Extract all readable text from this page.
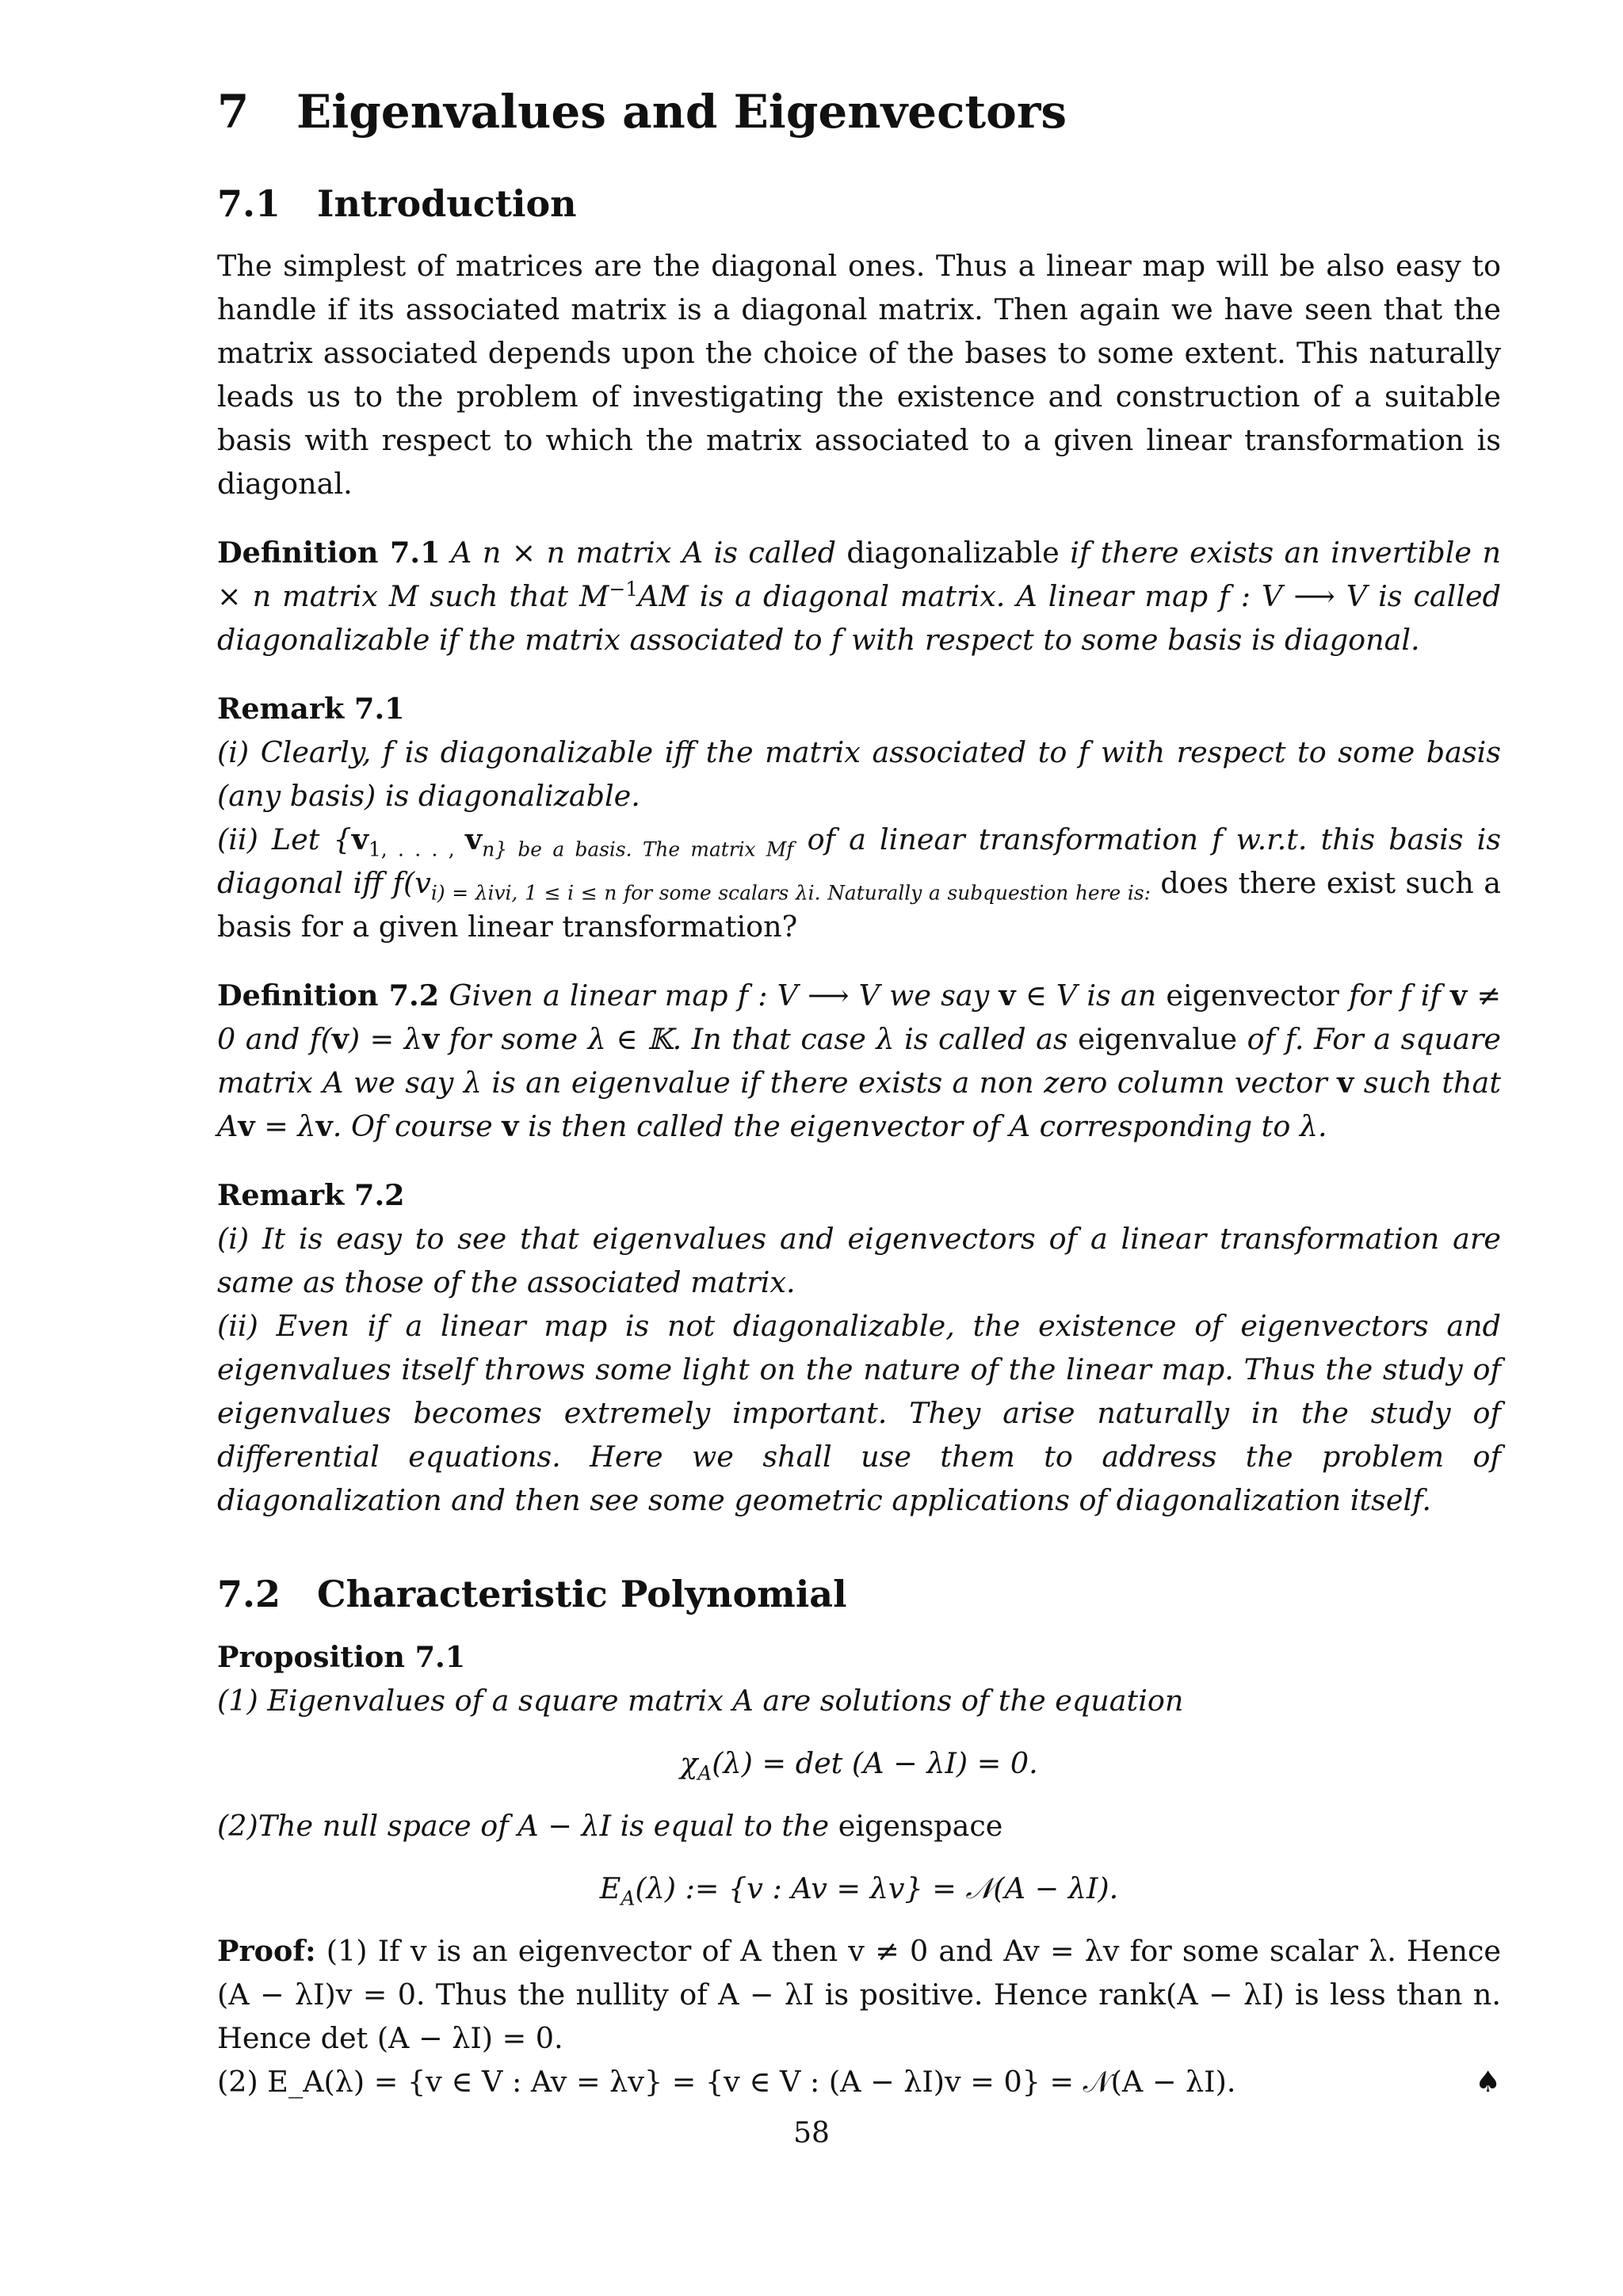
7 Eigenvalues and Eigenvectors
7.1 Introduction

The simplest of matrices are the diagonal ones. Thus a linear map will be also easy to handle if its associated matrix is a diagonal matrix. Then again we have seen that the matrix associated depends upon the choice of the bases to some extent. This naturally leads us to the problem of investigating the existence and construction of a suitable basis with respect to which the matrix associated to a given linear transformation is diagonal.

Definition 7.1 A n × n matrix A is called diagonalizable if there exists an invertible n × n matrix M such that $M^{-1}AM$ is a diagonal matrix. A linear map f : V ⟶ V is called diagonalizable if the matrix associated to f with respect to some basis is diagonal.

Remark 7.1

(i) Clearly, f is diagonalizable iff the matrix associated to f with respect to some basis (any basis) is diagonalizable.

(ii) Let {$v_{1, . . . ,}$ $v_{n\} be a basis. The matrix Mf}$ of a linear transformation f w.r.t. this basis is diagonal iff $f(v_{i) = \lambda ivi, 1 \le i \le n for some scalars \lambda i. Naturally a subquestion here is:}$ does there exist such a basis for a given linear transformation?

Definition 7.2 Given a linear map f : V ⟶ V we say v ∈ V is an eigenvector for f if v ≠ 0 and f(v) = λv for some λ ∈ 𝕂. In that case λ is called as eigenvalue of f. For a square matrix A we say λ is an eigenvalue if there exists a non zero column vector v such that Av = λv. Of course v is then called the eigenvector of A corresponding to λ.

Remark 7.2

(i) It is easy to see that eigenvalues and eigenvectors of a linear transformation are same as those of the associated matrix.

(ii) Even if a linear map is not diagonalizable, the existence of eigenvectors and eigenvalues itself throws some light on the nature of the linear map. Thus the study of eigenvalues becomes extremely important. They arise naturally in the study of differential equations. Here we shall use them to address the problem of diagonalization and then see some geometric applications of diagonalization itself.

7.2 Characteristic Polynomial
Proposition 7.1

(1) Eigenvalues of a square matrix A are solutions of the equation

$\chi_A(\lambda) = \det (A - \lambda I) = 0$.

(2)The null space of A − λI is equal to the eigenspace

$E_A(\lambda)$ := {v : Av = λv} = 𝒩(A − λI).

Proof: (1) If v is an eigenvector of A then v ≠ 0 and Av = λv for some scalar λ. Hence (A − λI)v = 0. Thus the nullity of A − λI is positive. Hence rank(A − λI) is less than n. Hence det (A − λI) = 0.

(2) E_A(λ) = {v ∈ V : Av = λv} = {v ∈ V : (A − λI)v = 0} = 𝒩(A − λI).	♠

58
